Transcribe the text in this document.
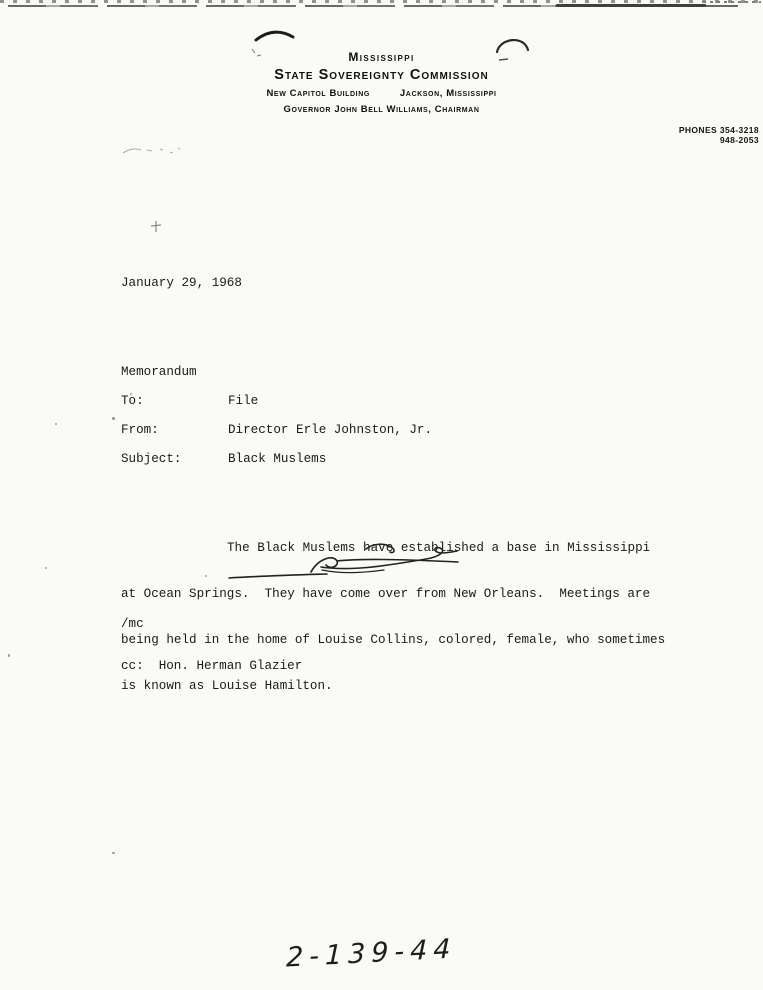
Mississippi
State Sovereignty Commission
New Capitol Building	Jackson, Mississippi
Governor John Bell Williams, Chairman
PHONES 354-3218
948-2053
January 29, 1968
Memorandum
To:	File
From:	Director Erle Johnston, Jr.
Subject:	Black Muslems

The Black Muslems have established a base in Mississippi

at Ocean Springs.  They have come over from New Orleans.  Meetings are

being held in the home of Louise Collins, colored, female, who sometimes

is known as Louise Hamilton.

/mc
cc: Hon. Herman Glazier
2-139-44
